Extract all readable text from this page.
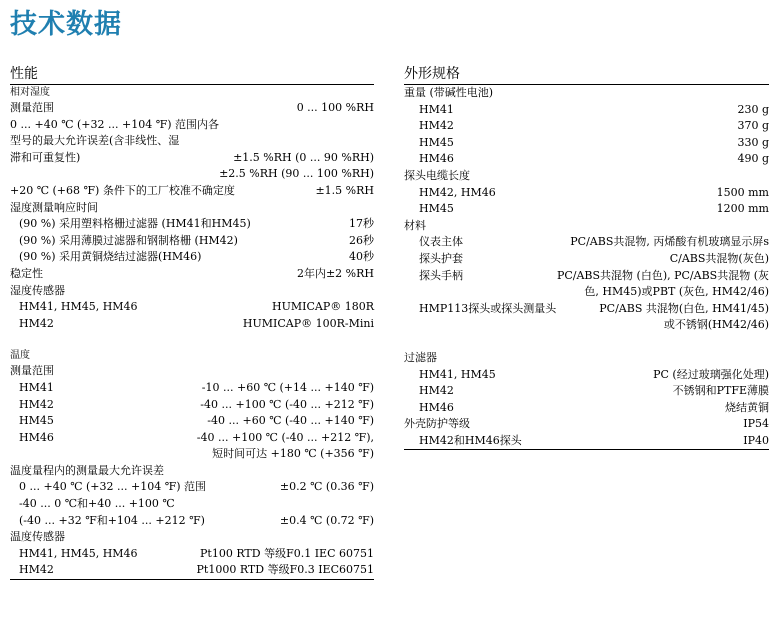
技术数据
性能
相对湿度
测量范围	0 ... 100 %RH
0 ... +40 ℃ (+32 ... +104 ℉) 范围内各
型号的最大允许误差(含非线性、湿
滞和可重复性)	±1.5 %RH (0 ... 90 %RH)
±2.5 %RH (90 ... 100 %RH)
+20 ℃ (+68 ℉) 条件下的工厂校准不确定度	±1.5 %RH
湿度测量响应时间
(90 %) 采用塑料格栅过滤器 (HM41和HM45)	17秒
(90 %) 采用薄膜过滤器和钢制格栅 (HM42)	26秒
(90 %) 采用黄铜烧结过滤器(HM46)	40秒
稳定性	2年内±2 %RH
湿度传感器
HM41, HM45, HM46	HUMICAP® 180R
HM42	HUMICAP® 100R-Mini
温度
测量范围
HM41	-10 ... +60 ℃ (+14 ... +140 ℉)
HM42	-40 ... +100 ℃ (-40 ... +212 ℉)
HM45	-40 ... +60 ℃ (-40 ... +140 ℉)
HM46	-40 ... +100 ℃ (-40 ... +212 ℉),
短时间可达 +180 ℃ (+356 ℉)
温度量程内的测量最大允许误差
0 ... +40 ℃ (+32 ... +104 ℉) 范围	±0.2 ℃ (0.36 ℉)
-40 ... 0 ℃和+40 ... +100 ℃
(-40 ... +32 ℉和+104 ... +212 ℉)	±0.4 ℃ (0.72 ℉)
温度传感器
HM41, HM45, HM46	Pt100 RTD 等级F0.1 IEC 60751
HM42	Pt1000 RTD 等级F0.3 IEC60751
外形规格
重量 (带碱性电池)
HM41	230 g
HM42	370 g
HM45	330 g
HM46	490 g
探头电缆长度
HM42, HM46	1500 mm
HM45	1200 mm
材料
仪表主体	PC/ABS共混物, 丙烯酸有机玻璃显示屏s
探头护套	C/ABS共混物(灰色)
探头手柄	PC/ABS共混物 (白色), PC/ABS共混物 (灰
色, HM45)或PBT (灰色, HM42/46)
HMP113探头或探头测量头	PC/ABS 共混物(白色, HM41/45)
或不锈钢(HM42/46)
过滤器
HM41, HM45	PC (经过玻璃强化处理)
HM42	不锈钢和PTFE薄膜
HM46	烧结黄铜
外壳防护等级	IP54
HM42和HM46探头	IP40
